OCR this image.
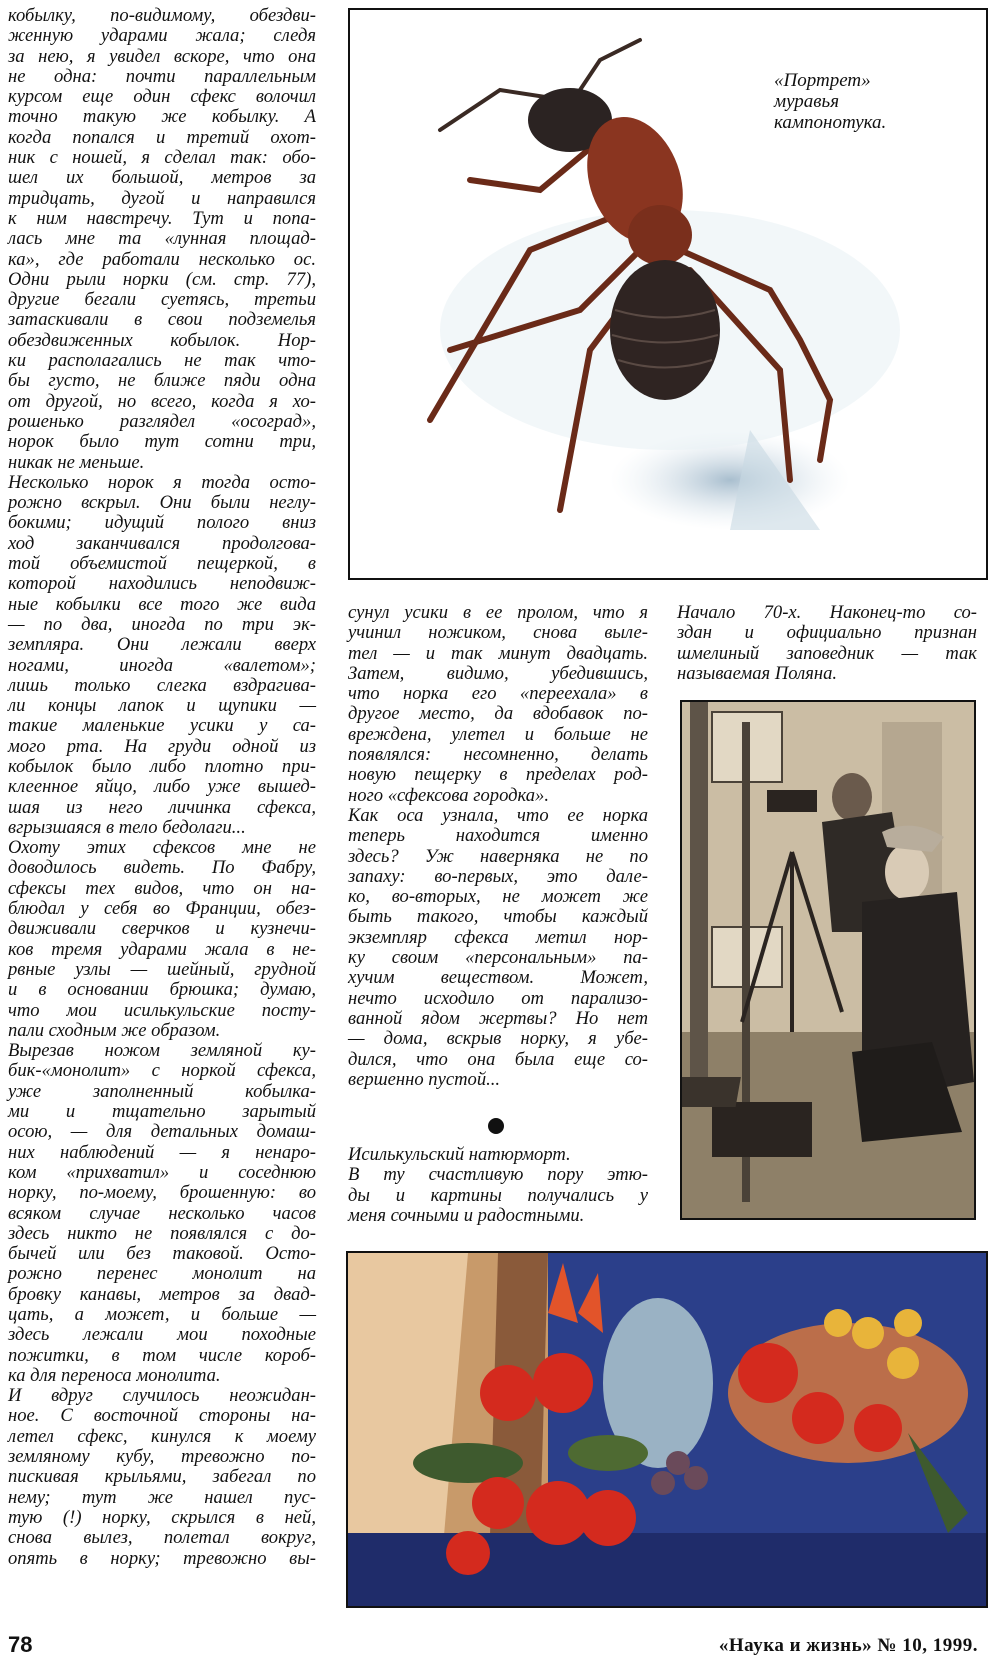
кобылку, по-видимому, обездви-
женную ударами жала; следя
за нею, я увидел вскоре, что она
не одна: почти параллельным
курсом еще один сфекс волочил
точно такую же кобылку. А
когда попался и третий охот-
ник с ношей, я сделал так: обо-
шел их большой, метров за
тридцать, дугой и направился
к ним навстречу. Тут и попа-
лась мне та «лунная площад-
ка», где работали несколько ос.
Одни рыли норки (см. стр. 77),
другие бегали суетясь, третьи
затаскивали в свои подземелья
обездвиженных кобылок. Нор-
ки располагались не так что-
бы густо, не ближе пяди одна
от другой, но всего, когда я хо-
рошенько разглядел «осоград»,
норок было тут сотни три,
никак не меньше.
Несколько норок я тогда осто-
рожно вскрыл. Они были неглу-
бокими; идущий полого вниз
ход заканчивался продолгова-
той объемистой пещеркой, в
которой находились неподвиж-
ные кобылки все того же вида
— по два, иногда по три эк-
земпляра. Они лежали вверх
ногами, иногда «валетом»;
лишь только слегка вздрагива-
ли концы лапок и щупики —
такие маленькие усики у са-
мого рта. На груди одной из
кобылок было либо плотно при-
клеенное яйцо, либо уже вышед-
шая из него личинка сфекса,
вгрызшаяся в тело бедолаги...
Охоту этих сфексов мне не
доводилось видеть. По Фабру,
сфексы тех видов, что он на-
блюдал у себя во Франции, обез-
движивали сверчков и кузнечи-
ков тремя ударами жала в не-
рвные узлы — шейный, грудной
и в основании брюшка; думаю,
что мои исилькульские посту-
пали сходным же образом.
Вырезав ножом земляной ку-
бик-«монолит» с норкой сфекса,
уже заполненный кобылка-
ми и тщательно зарытый
осою, — для детальных домаш-
них наблюдений — я ненаро-
ком «прихватил» и соседнюю
норку, по-моему, брошенную: во
всяком случае несколько часов
здесь никто не появлялся с до-
бычей или без таковой. Осто-
рожно перенес монолит на
бровку канавы, метров за двад-
цать, а может, и больше —
здесь лежали мои походные
пожитки, в том числе короб-
ка для переноса монолита.
И вдруг случилось неожидан-
ное. С восточной стороны на-
летел сфекс, кинулся к моему
земляному кубу, тревожно по-
пискивая крыльями, забегал по
нему; тут же нашел пус-
тую (!) норку, скрылся в ней,
снова вылез, полетал вокруг,
опять в норку; тревожно вы-
«Портрет»
муравья
кампонотука.
сунул усики в ее пролом, что я
учинил ножиком, снова выле-
тел — и так минут двадцать.
Затем, видимо, убедившись,
что норка его «переехала» в
другое место, да вдобавок по-
вреждена, улетел и больше не
появлялся: несомненно, делать
новую пещерку в пределах род-
ного «сфексова городка».
Как оса узнала, что ее норка
теперь находится именно
здесь? Уж наверняка не по
запаху: во-первых, это дале-
ко, во-вторых, не может же
быть такого, чтобы каждый
экземпляр сфекса метил нор-
ку своим «персональным» па-
хучим веществом. Может,
нечто исходило от парализо-
ванной ядом жертвы? Но нет
— дома, вскрыв норку, я убе-
дился, что она была еще со-
вершенно пустой...
Исилькульский натюрморт.
В ту счастливую пору этю-
ды и картины получались у
меня сочными и радостными.
Начало 70-х. Наконец-то со-
здан и официально признан
шмелиный заповедник — так
называемая Поляна.
78	«Наука и жизнь» № 10, 1999.
